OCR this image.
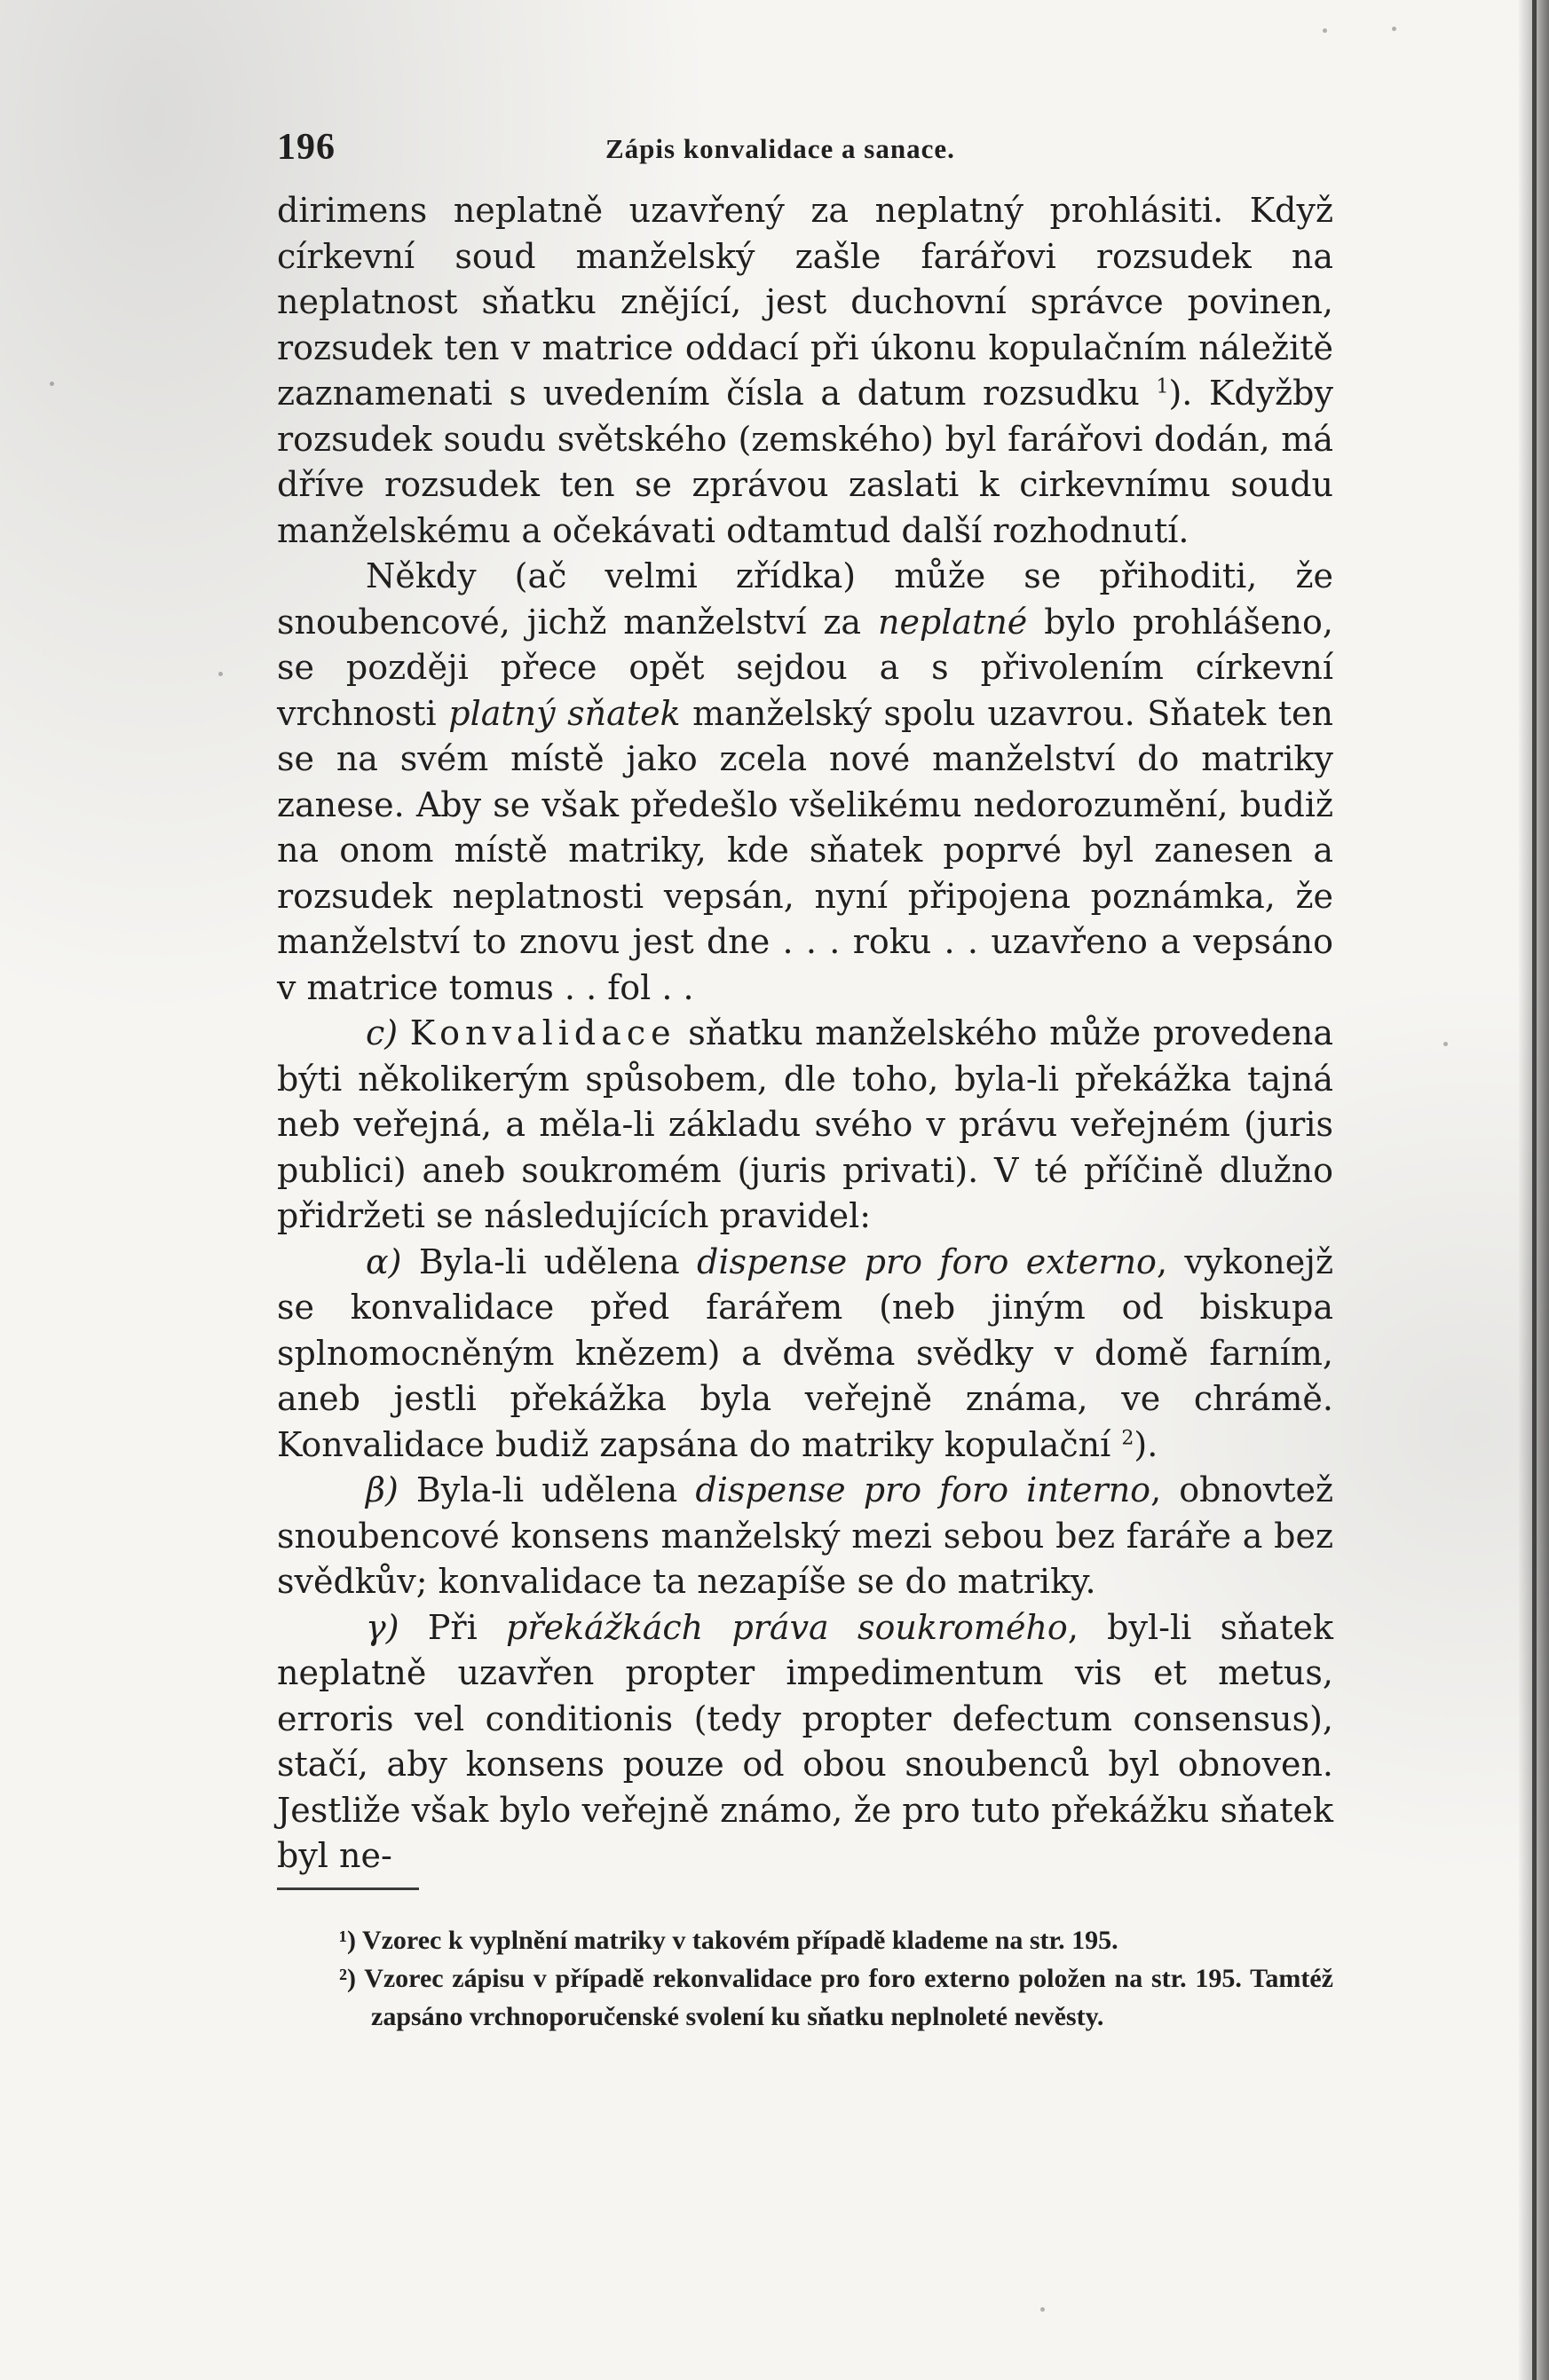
196	Zápis konvalidace a sanace.

dirimens neplatně uzavřený za neplatný prohlásiti. Když církevní soud manželský zašle farářovi rozsudek na neplatnost sňatku znějící, jest duchovní správce povinen, rozsudek ten v matrice oddací při úkonu kopulačním náležitě zaznamenati s uvedením čísla a datum rozsudku $^1$). Kdyžby rozsudek soudu světského (zemského) byl farářovi dodán, má dříve rozsudek ten se zprávou zaslati k cirkevnímu soudu manželskému a očekávati odtamtud další rozhodnutí.

Někdy (ač velmi zřídka) může se přihoditi, že snoubencové, jichž manželství za neplatné bylo prohlášeno, se později přece opět sejdou a s přivolením církevní vrchnosti platný sňatek manželský spolu uzavrou. Sňatek ten se na svém místě jako zcela nové manželství do matriky zanese. Aby se však předešlo všelikému nedorozumění, budiž na onom místě matriky, kde sňatek poprvé byl zanesen a rozsudek neplatnosti vepsán, nyní připojena poznámka, že manželství to znovu jest dne . . . roku . . uzavřeno a vepsáno v matrice tomus . . fol . .

c) Konvalidace sňatku manželského může provedena býti několikerým spůsobem, dle toho, byla-li překážka tajná neb veřejná, a měla-li základu svého v právu veřejném (juris publici) aneb soukromém (juris privati). V té příčině dlužno přidržeti se následujících pravidel:

α) Byla-li udělena dispense pro foro externo, vykonejž se konvalidace před farářem (neb jiným od biskupa splnomocněným knězem) a dvěma svědky v domě farním, aneb jestli překážka byla veřejně známa, ve chrámě. Konvalidace budiž zapsána do matriky kopulační $^2$).

β) Byla-li udělena dispense pro foro interno, obnovtež snoubencové konsens manželský mezi sebou bez faráře a bez svědkův; konvalidace ta nezapíše se do matriky.

γ) Při překážkách práva soukromého, byl-li sňatek neplatně uzavřen propter impedimentum vis et metus, erroris vel conditionis (tedy propter defectum consensus), stačí, aby konsens pouze od obou snoubenců byl obnoven. Jestliže však bylo veřejně známo, že pro tuto překážku sňatek byl ne-

¹) Vzorec k vyplnění matriky v takovém případě klademe na str. 195.

²) Vzorec zápisu v případě rekonvalidace pro foro externo položen na str. 195. Tamtéž zapsáno vrchnoporučenské svolení ku sňatku neplnoleté nevěsty.
